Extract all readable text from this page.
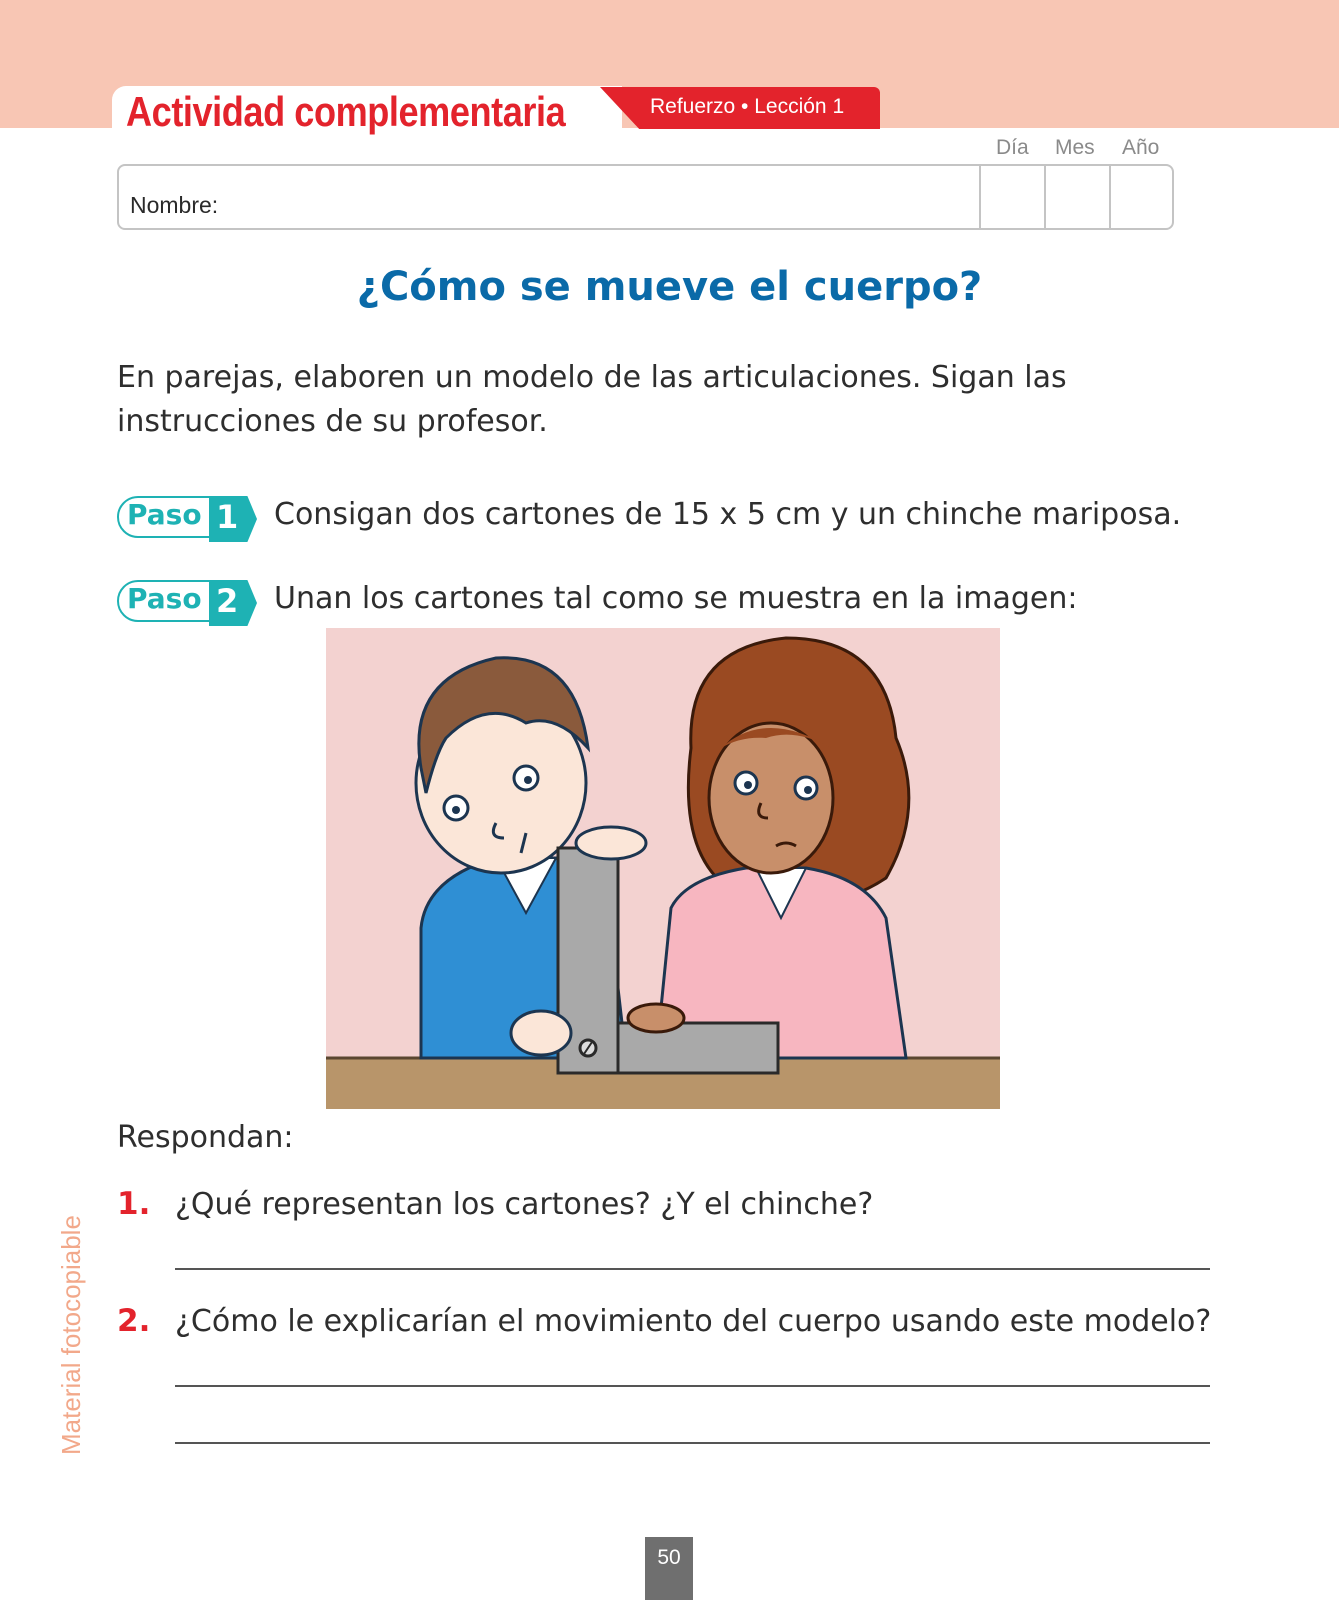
Actividad complementaria	Refuerzo • Lección 1
Día Mes Año
Nombre:
¿Cómo se mueve el cuerpo?
En parejas, elaboren un modelo de las articulaciones. Sigan las instrucciones de su profesor.
Paso 1 Consigan dos cartones de 15 x 5 cm y un chinche mariposa.
Paso 2 Unan los cartones tal como se muestra en la imagen:
Respondan:
1. ¿Qué representan los cartones? ¿Y el chinche?
2. ¿Cómo le explicarían el movimiento del cuerpo usando este modelo?
Material fotocopiable
50
